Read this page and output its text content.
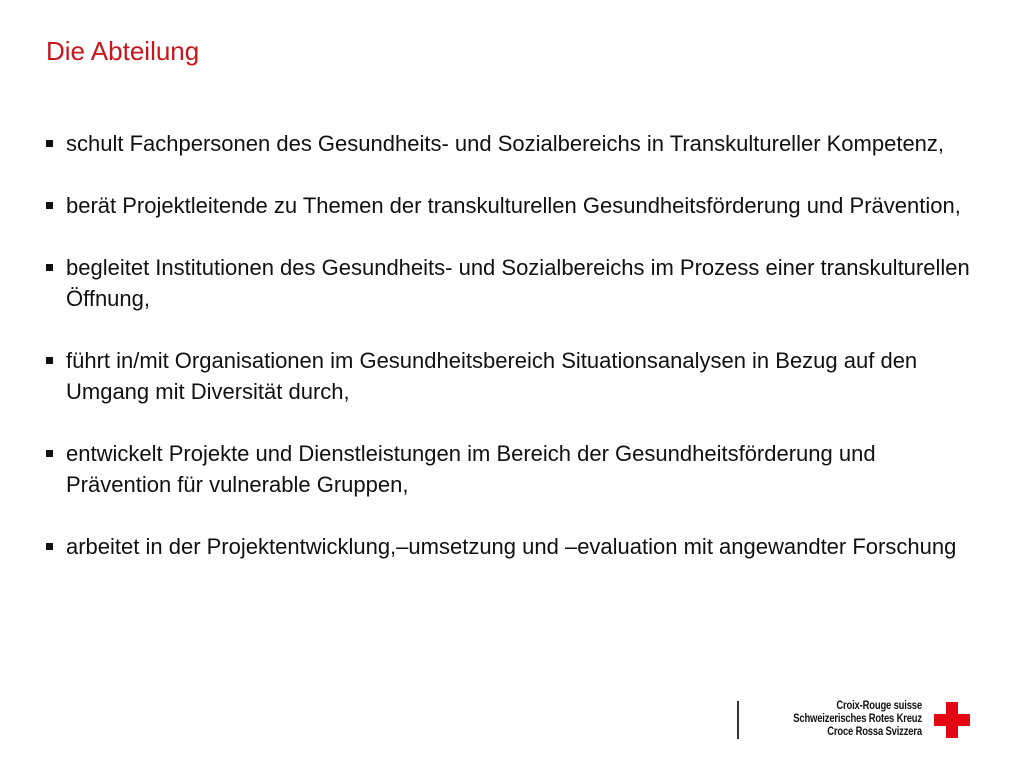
Die Abteilung
schult Fachpersonen des Gesundheits- und Sozialbereichs in Transkultureller Kompetenz,
berät Projektleitende zu Themen der transkulturellen Gesundheitsförderung und Prävention,
begleitet Institutionen des Gesundheits- und Sozialbereichs im Prozess einer transkulturellen Öffnung,
führt in/mit Organisationen im Gesundheitsbereich Situationsanalysen in Bezug auf den Umgang mit Diversität durch,
entwickelt Projekte und Dienstleistungen im Bereich der Gesundheitsförderung und Prävention für vulnerable Gruppen,
arbeitet in der Projektentwicklung,–umsetzung und –evaluation mit angewandter Forschung
Croix-Rouge suisse
Schweizerisches Rotes Kreuz
Croce Rossa Svizzera
